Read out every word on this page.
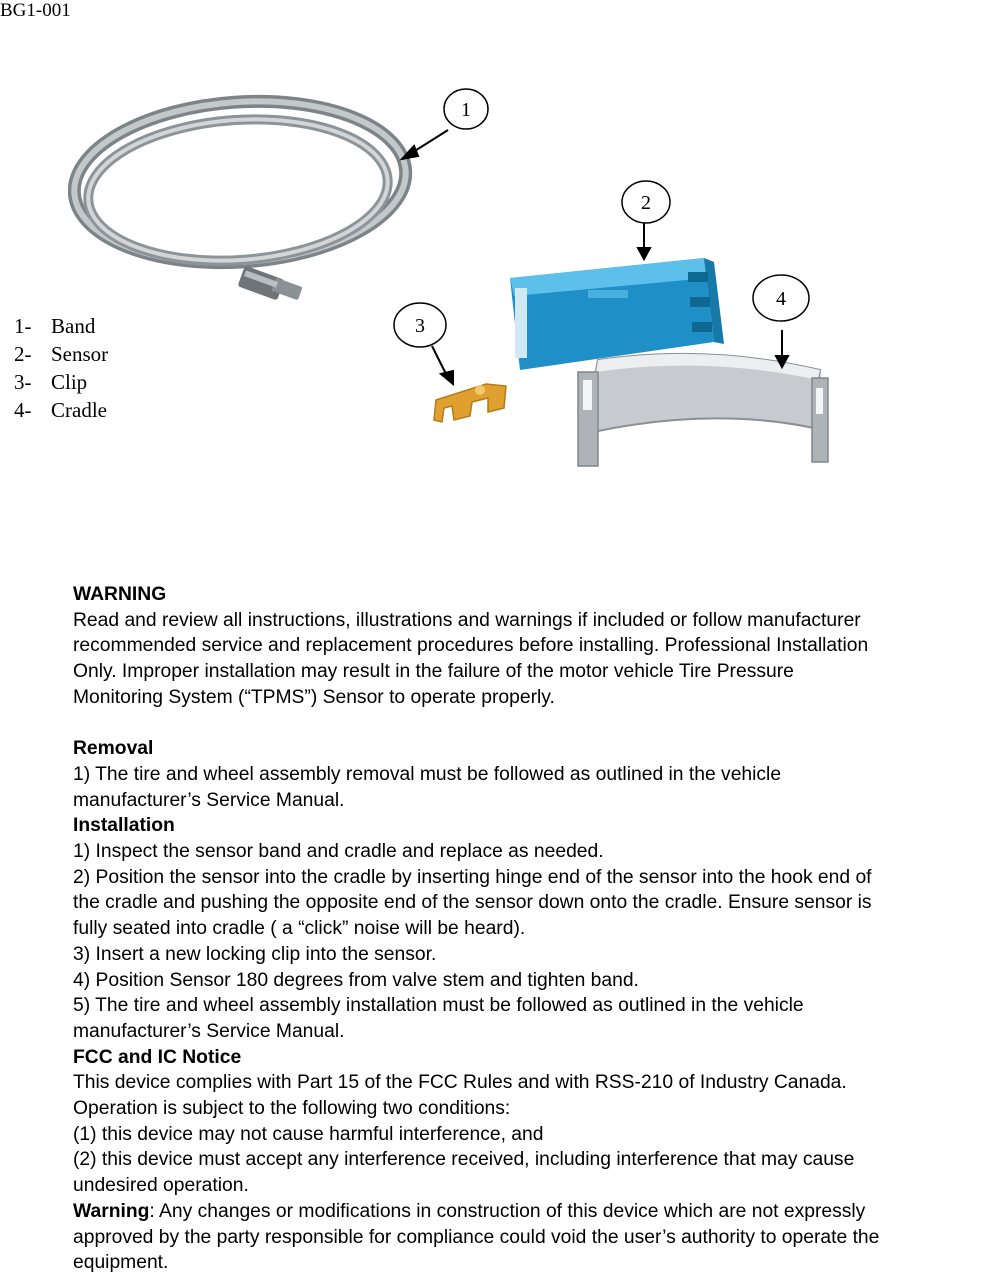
BG1-001
1
2
3
4
1- Band
2- Sensor
3- Clip
4- Cradle

WARNING

Read and review all instructions, illustrations and warnings if included or follow manufacturer

recommended service and replacement procedures before installing. Professional Installation

Only. Improper installation may result in the failure of the motor vehicle Tire Pressure

Monitoring System (“TPMS”) Sensor to operate properly.

Removal

1) The tire and wheel assembly removal must be followed as outlined in the vehicle

manufacturer’s Service Manual.

Installation

1) Inspect the sensor band and cradle and replace as needed.

2) Position the sensor into the cradle by inserting hinge end of the sensor into the hook end of

the cradle and pushing the opposite end of the sensor down onto the cradle. Ensure sensor is

fully seated into cradle ( a “click” noise will be heard).

3) Insert a new locking clip into the sensor.

4) Position Sensor 180 degrees from valve stem and tighten band.

5) The tire and wheel assembly installation must be followed as outlined in the vehicle

manufacturer’s Service Manual.

FCC and IC Notice

This device complies with Part 15 of the FCC Rules and with RSS-210 of Industry Canada.

Operation is subject to the following two conditions:

(1) this device may not cause harmful interference, and

(2) this device must accept any interference received, including interference that may cause

undesired operation.

Warning: Any changes or modifications in construction of this device which are not expressly

approved by the party responsible for compliance could void the user’s authority to operate the

equipment.
